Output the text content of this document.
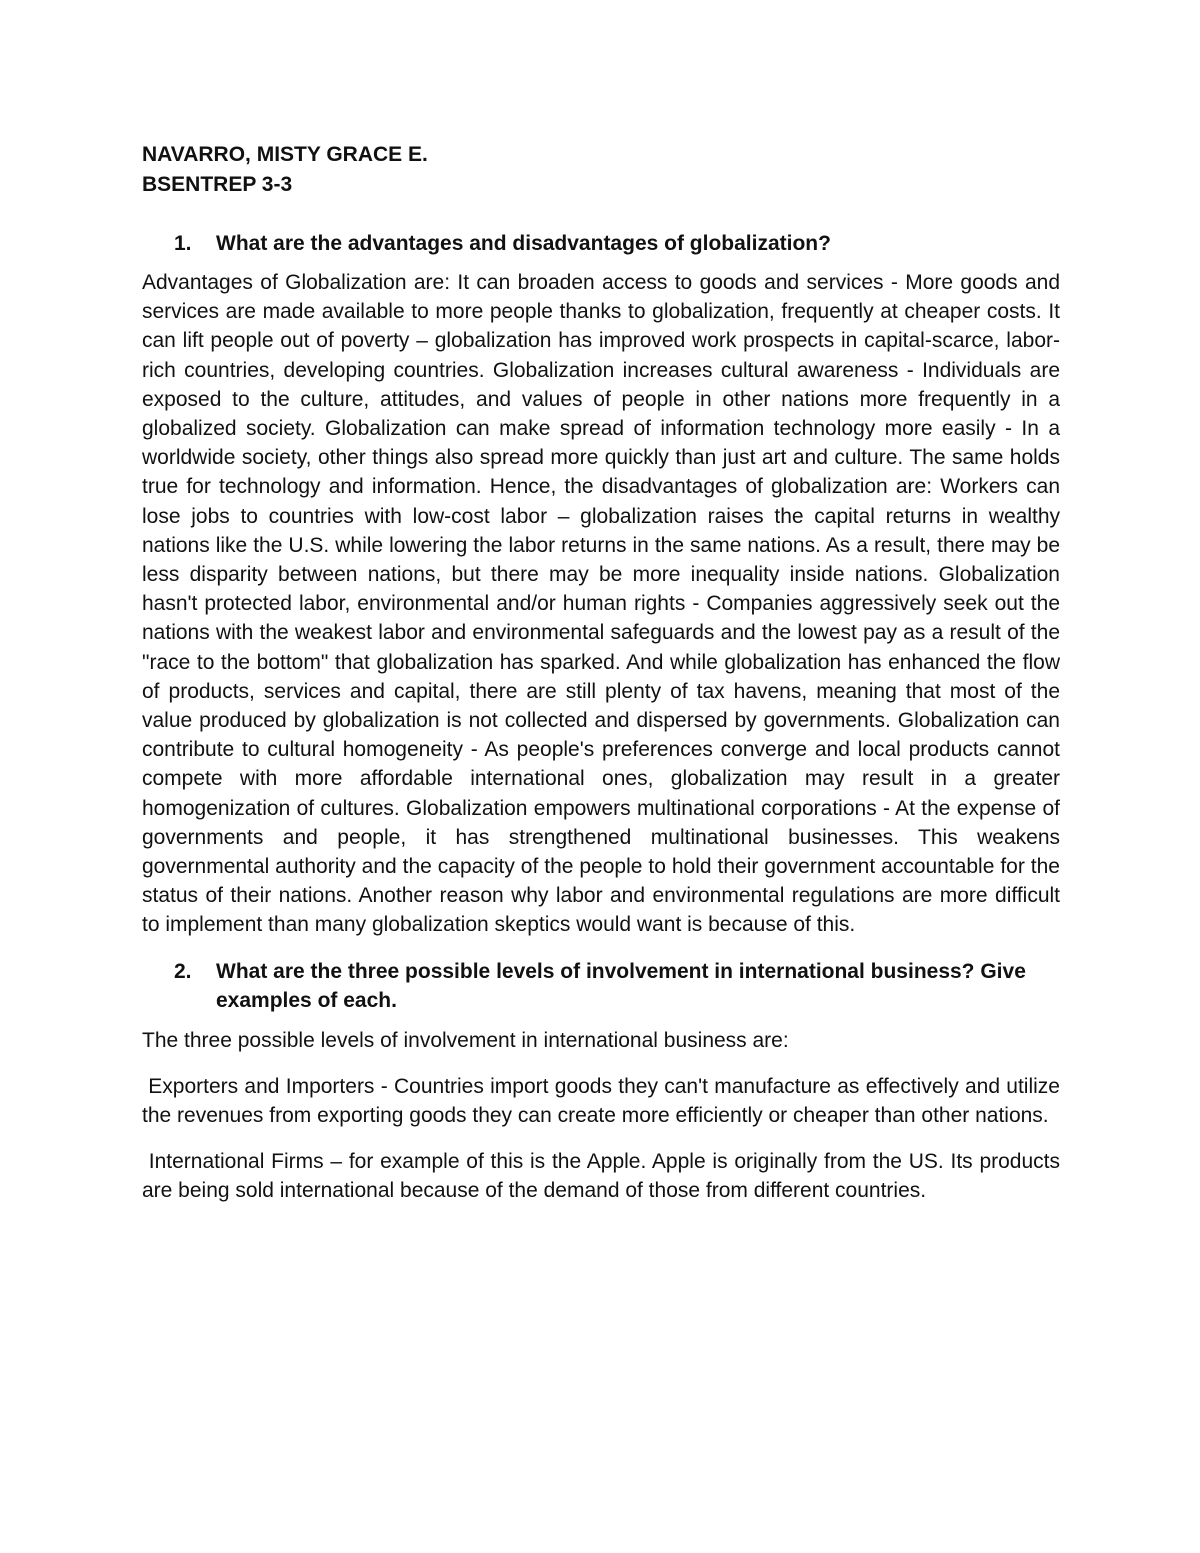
NAVARRO, MISTY GRACE E.

BSENTREP 3-3

1.	What are the advantages and disadvantages of globalization?

Advantages of Globalization are: It can broaden access to goods and services - More goods and services are made available to more people thanks to globalization, frequently at cheaper costs. It can lift people out of poverty – globalization has improved work prospects in capital-scarce, labor-rich countries, developing countries. Globalization increases cultural awareness - Individuals are exposed to the culture, attitudes, and values of people in other nations more frequently in a globalized society. Globalization can make spread of information technology more easily - In a worldwide society, other things also spread more quickly than just art and culture. The same holds true for technology and information. Hence, the disadvantages of globalization are: Workers can lose jobs to countries with low-cost labor – globalization raises the capital returns in wealthy nations like the U.S. while lowering the labor returns in the same nations. As a result, there may be less disparity between nations, but there may be more inequality inside nations. Globalization hasn't protected labor, environmental and/or human rights - Companies aggressively seek out the nations with the weakest labor and environmental safeguards and the lowest pay as a result of the "race to the bottom" that globalization has sparked. And while globalization has enhanced the flow of products, services and capital, there are still plenty of tax havens, meaning that most of the value produced by globalization is not collected and dispersed by governments. Globalization can contribute to cultural homogeneity - As people's preferences converge and local products cannot compete with more affordable international ones, globalization may result in a greater homogenization of cultures. Globalization empowers multinational corporations - At the expense of governments and people, it has strengthened multinational businesses. This weakens governmental authority and the capacity of the people to hold their government accountable for the status of their nations. Another reason why labor and environmental regulations are more difficult to implement than many globalization skeptics would want is because of this.

2.	What are the three possible levels of involvement in international business? Give examples of each.

The three possible levels of involvement in international business are:

Exporters and Importers - Countries import goods they can't manufacture as effectively and utilize the revenues from exporting goods they can create more efficiently or cheaper than other nations.

International Firms – for example of this is the Apple. Apple is originally from the US. Its products are being sold international because of the demand of those from different countries.
